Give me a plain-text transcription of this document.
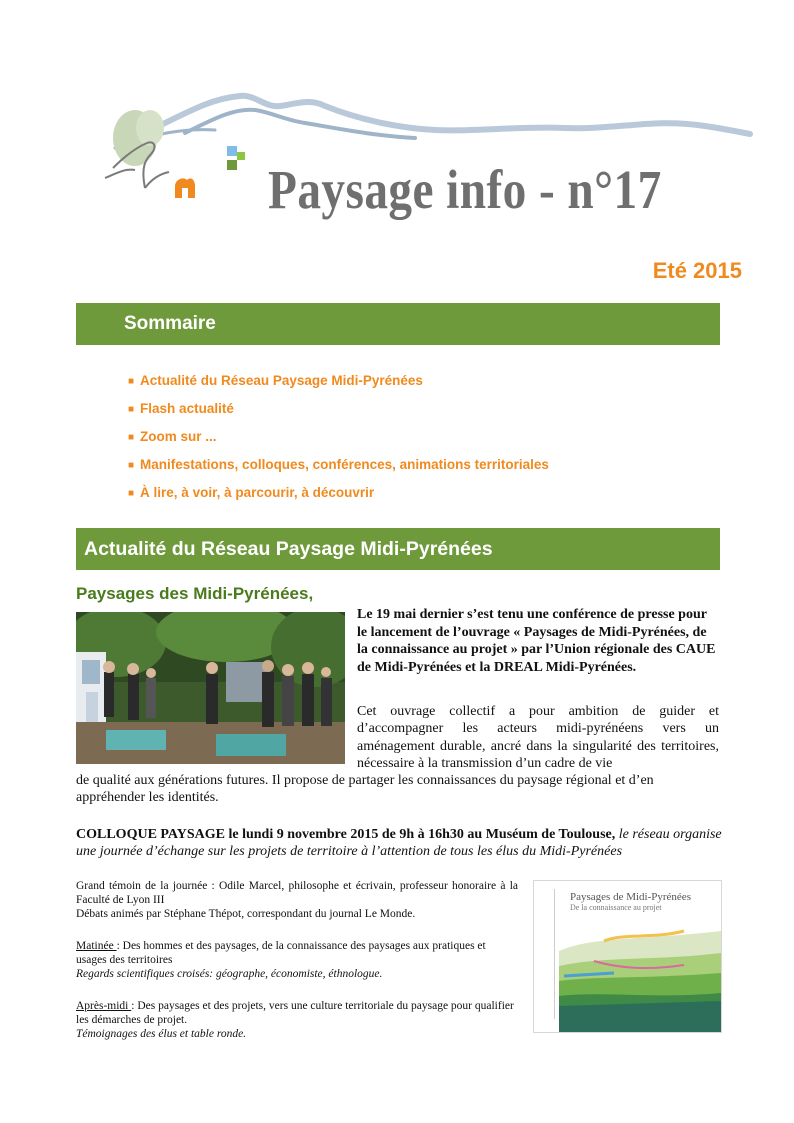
Paysage info - n°17
Eté 2015
Sommaire
■ Actualité du Réseau Paysage Midi-Pyrénées
■ Flash actualité
■ Zoom sur ...
■ Manifestations, colloques, conférences, animations territoriales
■ À lire, à voir, à parcourir, à découvrir
Actualité du Réseau Paysage Midi-Pyrénées
Paysages des Midi-Pyrénées,
Le 19 mai dernier s’est tenu une conférence de presse pour le lancement de l’ouvrage « Paysages de Midi-Pyrénées, de la connaissance au projet » par l’Union régionale des CAUE de Midi-Pyrénées et la DREAL Midi-Pyrénées.
Cet ouvrage collectif a pour ambition de guider et d’accompagner les acteurs midi-pyrénéens vers un aménagement durable, ancré dans la singularité des territoires, nécessaire à la transmission d’un cadre de vie
de qualité aux générations futures. Il propose de partager les connaissances du paysage régional et d’en appréhender les identités.
COLLOQUE PAYSAGE le lundi 9 novembre 2015 de 9h à 16h30 au Muséum de Toulouse, le réseau organise une journée d’échange sur les projets de territoire à l’attention de tous les élus du Midi-Pyrénées
Grand témoin de la journée : Odile Marcel, philosophe et écrivain, professeur honoraire à la Faculté de Lyon III
Débats animés par Stéphane Thépot, correspondant du journal Le Monde.
Matinée : Des hommes et des paysages, de la connaissance des paysages aux pratiques et usages des territoires
Regards scientifiques croisés: géographe, économiste, éthnologue.
Après-midi : Des paysages et des projets, vers une culture territoriale du paysage pour qualifier les démarches de projet.
Témoignages des élus et table ronde.
Paysages de Midi-Pyrénées
De la connaissance au projet
